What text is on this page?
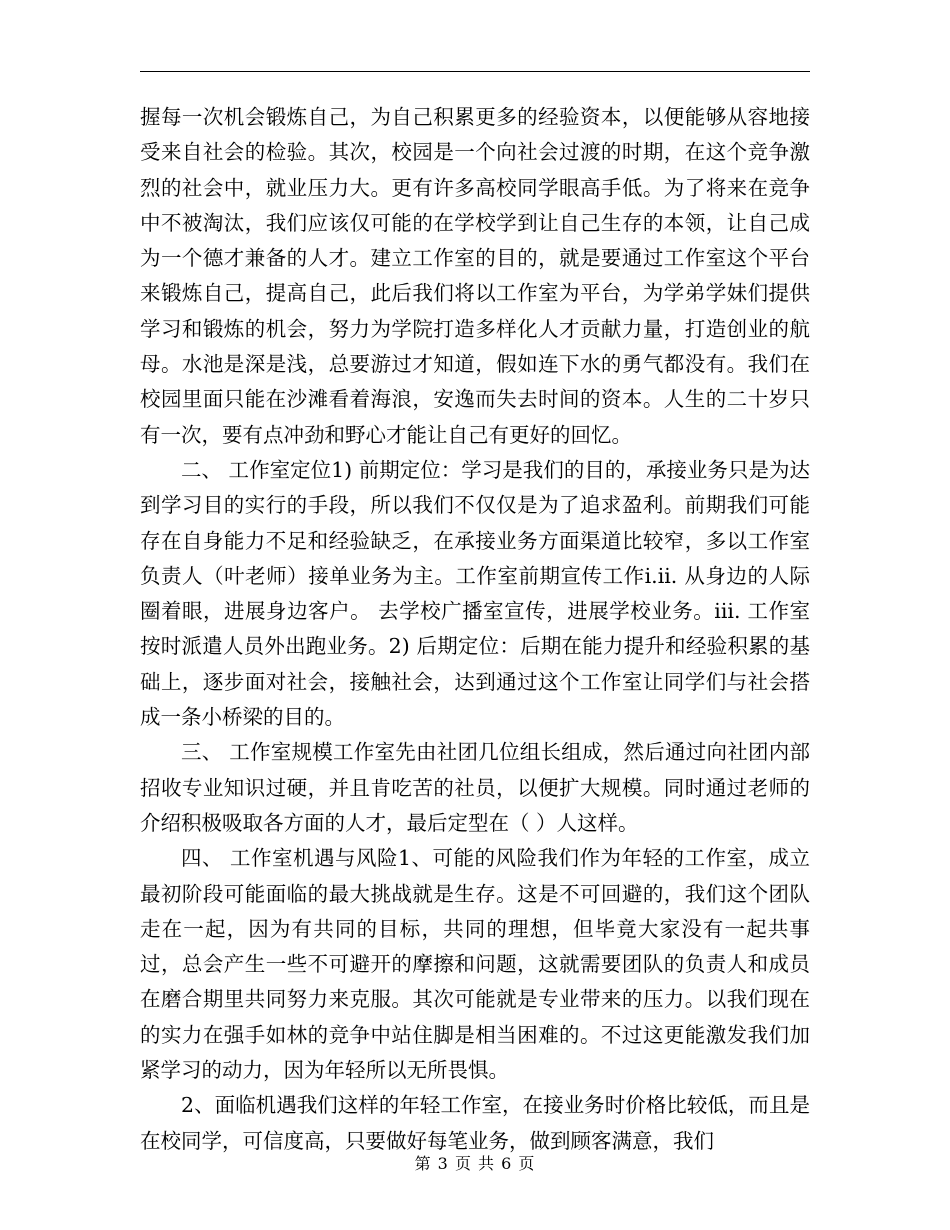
握每一次机会锻炼自己，为自己积累更多的经验资本，以便能够从容地接受来自社会的检验。其次，校园是一个向社会过渡的时期，在这个竞争激烈的社会中，就业压力大。更有许多高校同学眼高手低。为了将来在竞争中不被淘汰，我们应该仅可能的在学校学到让自己生存的本领，让自己成为一个德才兼备的人才。建立工作室的目的，就是要通过工作室这个平台来锻炼自己，提高自己，此后我们将以工作室为平台，为学弟学妹们提供学习和锻炼的机会，努力为学院打造多样化人才贡献力量，打造创业的航母。水池是深是浅，总要游过才知道，假如连下水的勇气都没有。我们在校园里面只能在沙滩看着海浪，安逸而失去时间的资本。人生的二十岁只有一次，要有点冲劲和野心才能让自己有更好的回忆。

二、 工作室定位1) 前期定位：学习是我们的目的，承接业务只是为达到学习目的实行的手段，所以我们不仅仅是为了追求盈利。前期我们可能存在自身能力不足和经验缺乏，在承接业务方面渠道比较窄，多以工作室负责人（叶老师）接单业务为主。工作室前期宣传工作i.ii. 从身边的人际圈着眼，进展身边客户。 去学校广播室宣传，进展学校业务。iii. 工作室按时派遣人员外出跑业务。2) 后期定位：后期在能力提升和经验积累的基础上，逐步面对社会，接触社会，达到通过这个工作室让同学们与社会搭成一条小桥梁的目的。

三、 工作室规模工作室先由社团几位组长组成，然后通过向社团内部招收专业知识过硬，并且肯吃苦的社员，以便扩大规模。同时通过老师的介绍积极吸取各方面的人才，最后定型在（ ）人这样。

四、 工作室机遇与风险1、可能的风险我们作为年轻的工作室，成立最初阶段可能面临的最大挑战就是生存。这是不可回避的，我们这个团队走在一起，因为有共同的目标，共同的理想，但毕竟大家没有一起共事过，总会产生一些不可避开的摩擦和问题，这就需要团队的负责人和成员在磨合期里共同努力来克服。其次可能就是专业带来的压力。以我们现在的实力在强手如林的竞争中站住脚是相当困难的。不过这更能激发我们加紧学习的动力，因为年轻所以无所畏惧。

2、面临机遇我们这样的年轻工作室，在接业务时价格比较低，而且是在校同学，可信度高，只要做好每笔业务，做到顾客满意，我们

第 3 页 共 6 页
